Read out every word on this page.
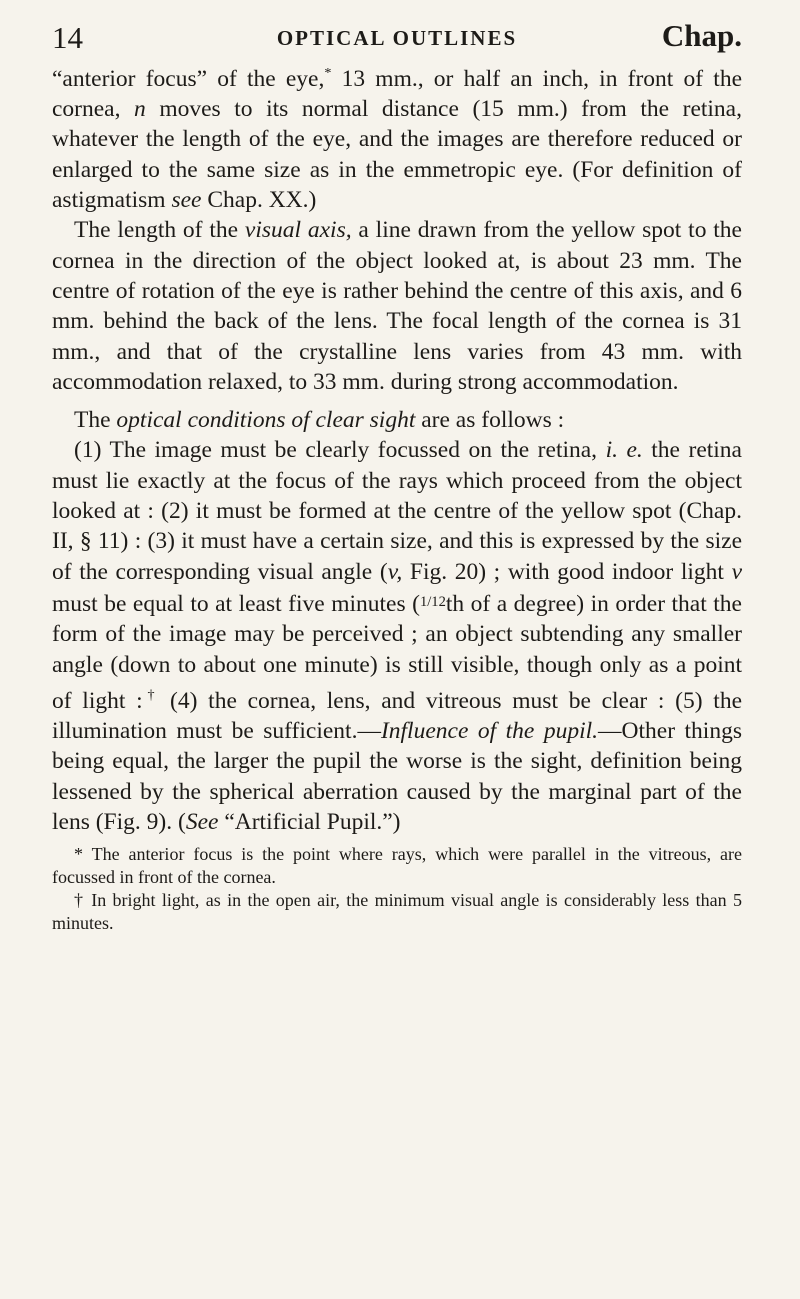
14	OPTICAL OUTLINES	Chap.

“anterior focus” of the eye,* 13 mm., or half an inch, in front of the cornea, n moves to its normal distance (15 mm.) from the retina, whatever the length of the eye, and the images are therefore reduced or enlarged to the same size as in the emmetropic eye. (For definition of astigmatism see Chap. XX.)

The length of the visual axis, a line drawn from the yellow spot to the cornea in the direction of the object looked at, is about 23 mm. The centre of rotation of the eye is rather behind the centre of this axis, and 6 mm. behind the back of the lens. The focal length of the cornea is 31 mm., and that of the crystalline lens varies from 43 mm. with accommodation relaxed, to 33 mm. during strong accommodation.

The optical conditions of clear sight are as follows :

(1) The image must be clearly focussed on the retina, i. e. the retina must lie exactly at the focus of the rays which proceed from the object looked at : (2) it must be formed at the centre of the yellow spot (Chap. II, § 11) : (3) it must have a certain size, and this is expressed by the size of the corresponding visual angle (v, Fig. 20) ; with good indoor light v must be equal to at least five minutes ($^{1/12}$th of a degree) in order that the form of the image may be perceived ; an object subtending any smaller angle (down to about one minute) is still visible, though only as a point of light :† (4) the cornea, lens, and vitreous must be clear : (5) the illumination must be sufficient.—Influence of the pupil.—Other things being equal, the larger the pupil the worse is the sight, definition being lessened by the spherical aberration caused by the marginal part of the lens (Fig. 9). (See “Artificial Pupil.”)

* The anterior focus is the point where rays, which were parallel in the vitreous, are focussed in front of the cornea.

† In bright light, as in the open air, the minimum visual angle is considerably less than 5 minutes.
